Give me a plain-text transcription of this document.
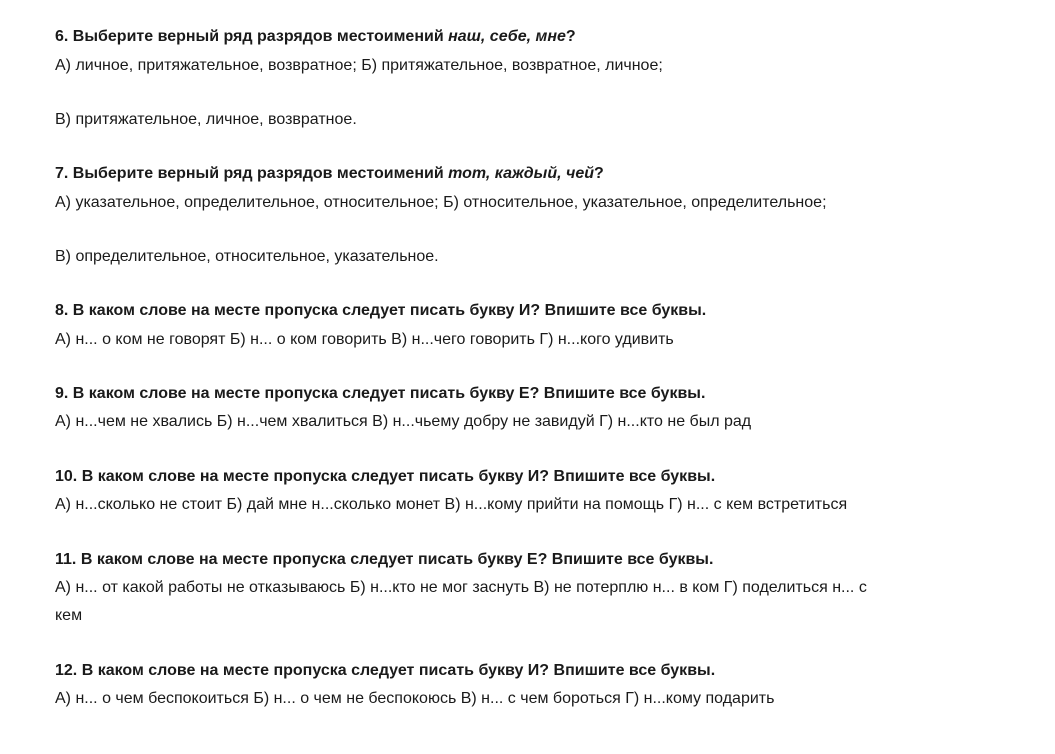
6. Выберите верный ряд разрядов местоимений наш, себе, мне?
А) личное, притяжательное, возвратное; Б) притяжательное, возвратное, личное;
В) притяжательное, личное, возвратное.
7. Выберите верный ряд разрядов местоимений тот, каждый, чей?
А) указательное, определительное, относительное; Б) относительное, указательное, определительное;
В) определительное, относительное, указательное.
8. В каком слове на месте пропуска следует писать букву И? Впишите все буквы.
А) н... о ком не говорят Б) н... о ком говорить В) н...чего говорить Г) н...кого удивить
9. В каком слове на месте пропуска следует писать букву Е? Впишите все буквы.
А) н...чем не хвались Б) н...чем хвалиться В) н...чьему добру не завидуй Г) н...кто не был рад
10. В каком слове на месте пропуска следует писать букву И? Впишите все буквы.
А) н...сколько не стоит Б) дай мне н...сколько монет В) н...кому прийти на помощь Г) н... с кем встретиться
11. В каком слове на месте пропуска следует писать букву Е? Впишите все буквы.
А) н... от какой работы не отказываюсь Б) н...кто не мог заснуть В) не потерплю н... в ком Г) поделиться н... с
кем
12. В каком слове на месте пропуска следует писать букву И? Впишите все буквы.
А) н... о чем беспокоиться Б) н... о чем не беспокоюсь В) н... с чем бороться Г) н...кому подарить
